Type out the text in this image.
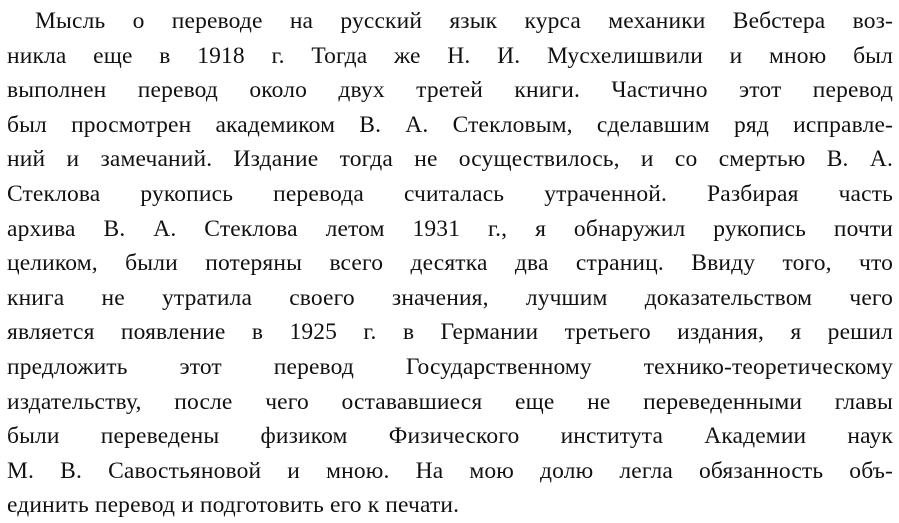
Мысль о переводе на русский язык курса механики Вебстера воз-
никла еще в 1918 г. Тогда же Н. И. Мусхелишвили и мною был
выполнен перевод около двух третей книги. Частично этот перевод
был просмотрен академиком В. А. Стекловым, сделавшим ряд исправле-
ний и замечаний. Издание тогда не осуществилось, и со смертью В. А.
Стеклова рукопись перевода считалась утраченной. Разбирая часть
архива В. А. Стеклова летом 1931 г., я обнаружил рукопись почти
целиком, были потеряны всего десятка два страниц. Ввиду того, что
книга не утратила своего значения, лучшим доказательством чего
является появление в 1925 г. в Германии третьего издания, я решил
предложить этот перевод Государственному технико-теоретическому
издательству, после чего остававшиеся еще не переведенными главы
были переведены физиком Физического института Академии наук
М. В. Савостьяновой и мною. На мою долю легла обязанность объ-
единить перевод и подготовить его к печати.
